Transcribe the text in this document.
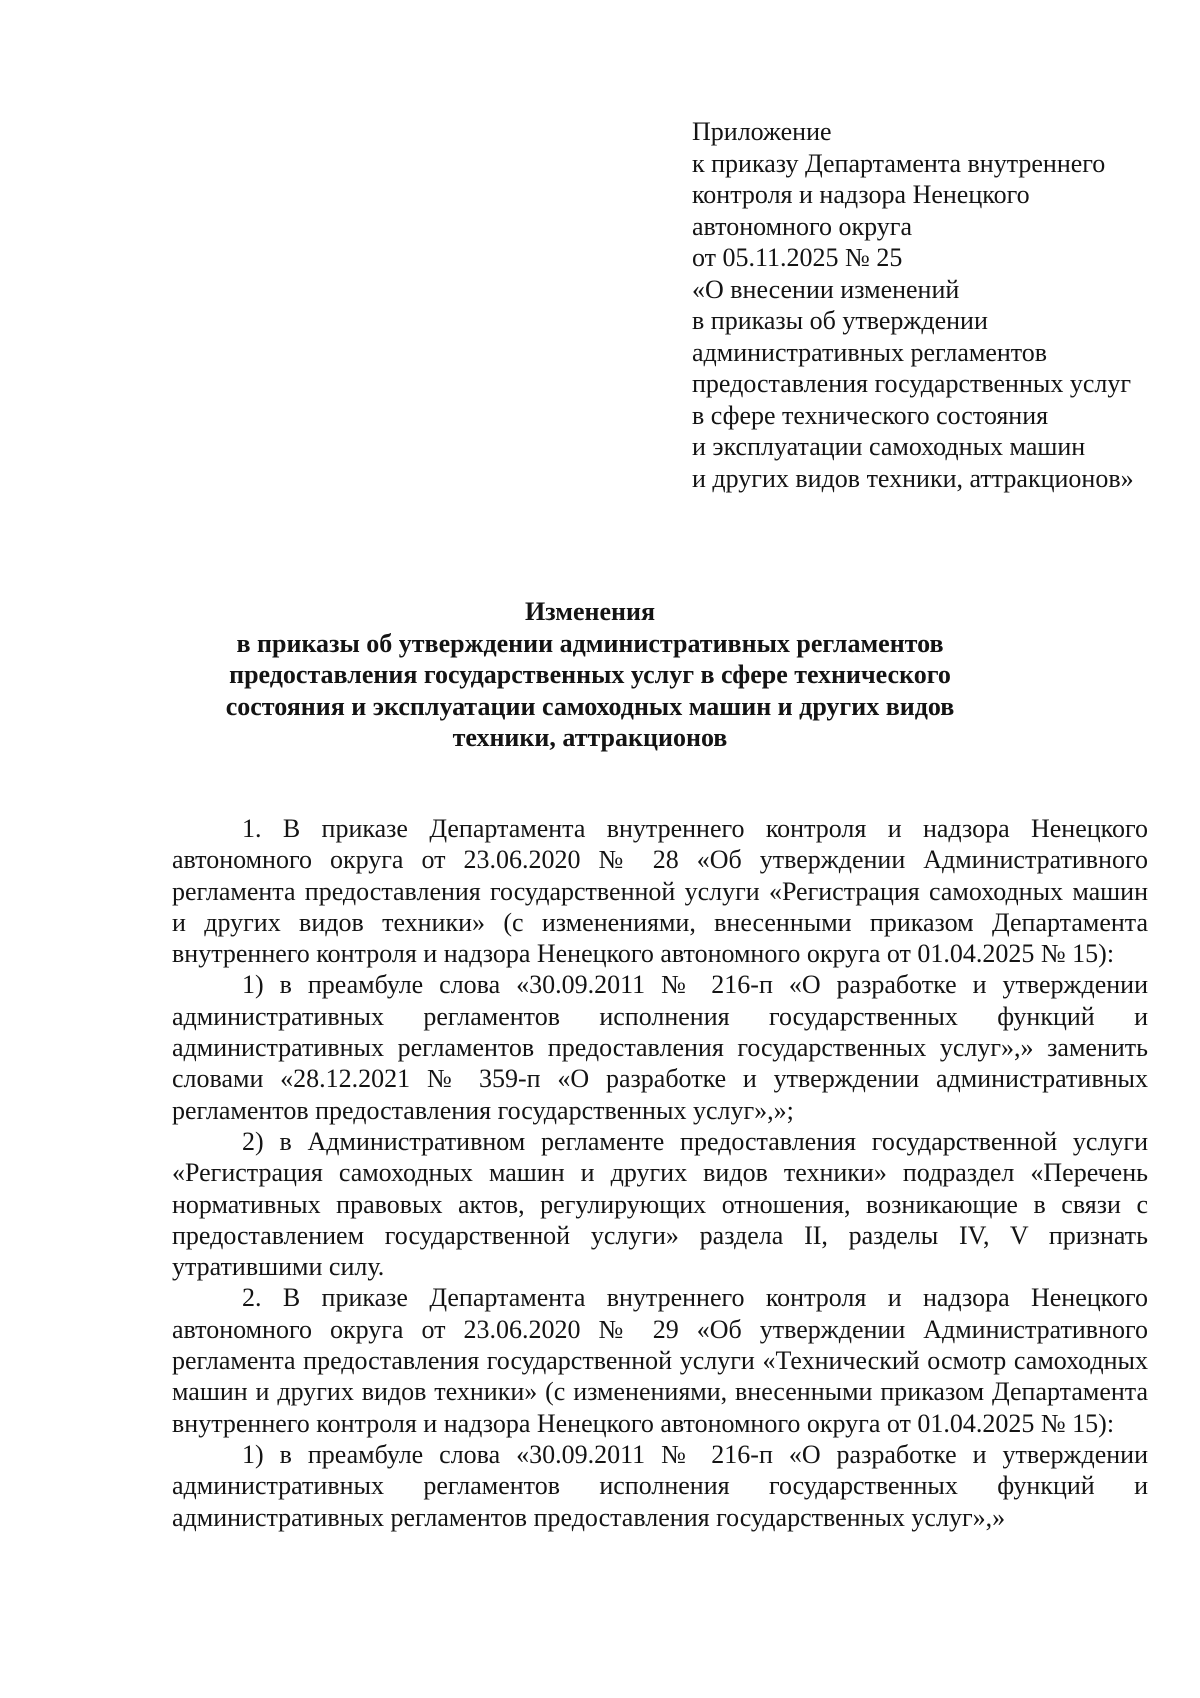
Приложение
к приказу Департамента внутреннего
контроля и надзора Ненецкого
автономного округа
от 05.11.2025 № 25
«О внесении изменений
в приказы об утверждении
административных регламентов
предоставления государственных услуг
в сфере технического состояния
и эксплуатации самоходных машин
и других видов техники, аттракционов»
Изменения
в приказы об утверждении административных регламентов
предоставления государственных услуг в сфере технического
состояния и эксплуатации самоходных машин и других видов
техники, аттракционов

1. В приказе Департамента внутреннего контроля и надзора Ненецкого автономного округа от 23.06.2020 № 28 «Об утверждении Административного регламента предоставления государственной услуги «Регистрация самоходных машин и других видов техники» (с изменениями, внесенными приказом Департамента внутреннего контроля и надзора Ненецкого автономного округа от 01.04.2025 № 15):

1) в преамбуле слова «30.09.2011 № 216-п «О разработке и утверждении административных регламентов исполнения государственных функций и административных регламентов предоставления государственных услуг»,» заменить словами «28.12.2021 № 359-п «О разработке и утверждении административных регламентов предоставления государственных услуг»,»;

2) в Административном регламенте предоставления государственной услуги «Регистрация самоходных машин и других видов техники» подраздел «Перечень нормативных правовых актов, регулирующих отношения, возникающие в связи с предоставлением государственной услуги» раздела II, разделы IV, V признать утратившими силу.

2. В приказе Департамента внутреннего контроля и надзора Ненецкого автономного округа от 23.06.2020 № 29 «Об утверждении Административного регламента предоставления государственной услуги «Технический осмотр самоходных машин и других видов техники» (с изменениями, внесенными приказом Департамента внутреннего контроля и надзора Ненецкого автономного округа от 01.04.2025 № 15):

1) в преамбуле слова «30.09.2011 № 216-п «О разработке и утверждении административных регламентов исполнения государственных функций и административных регламентов предоставления государственных услуг»,»
